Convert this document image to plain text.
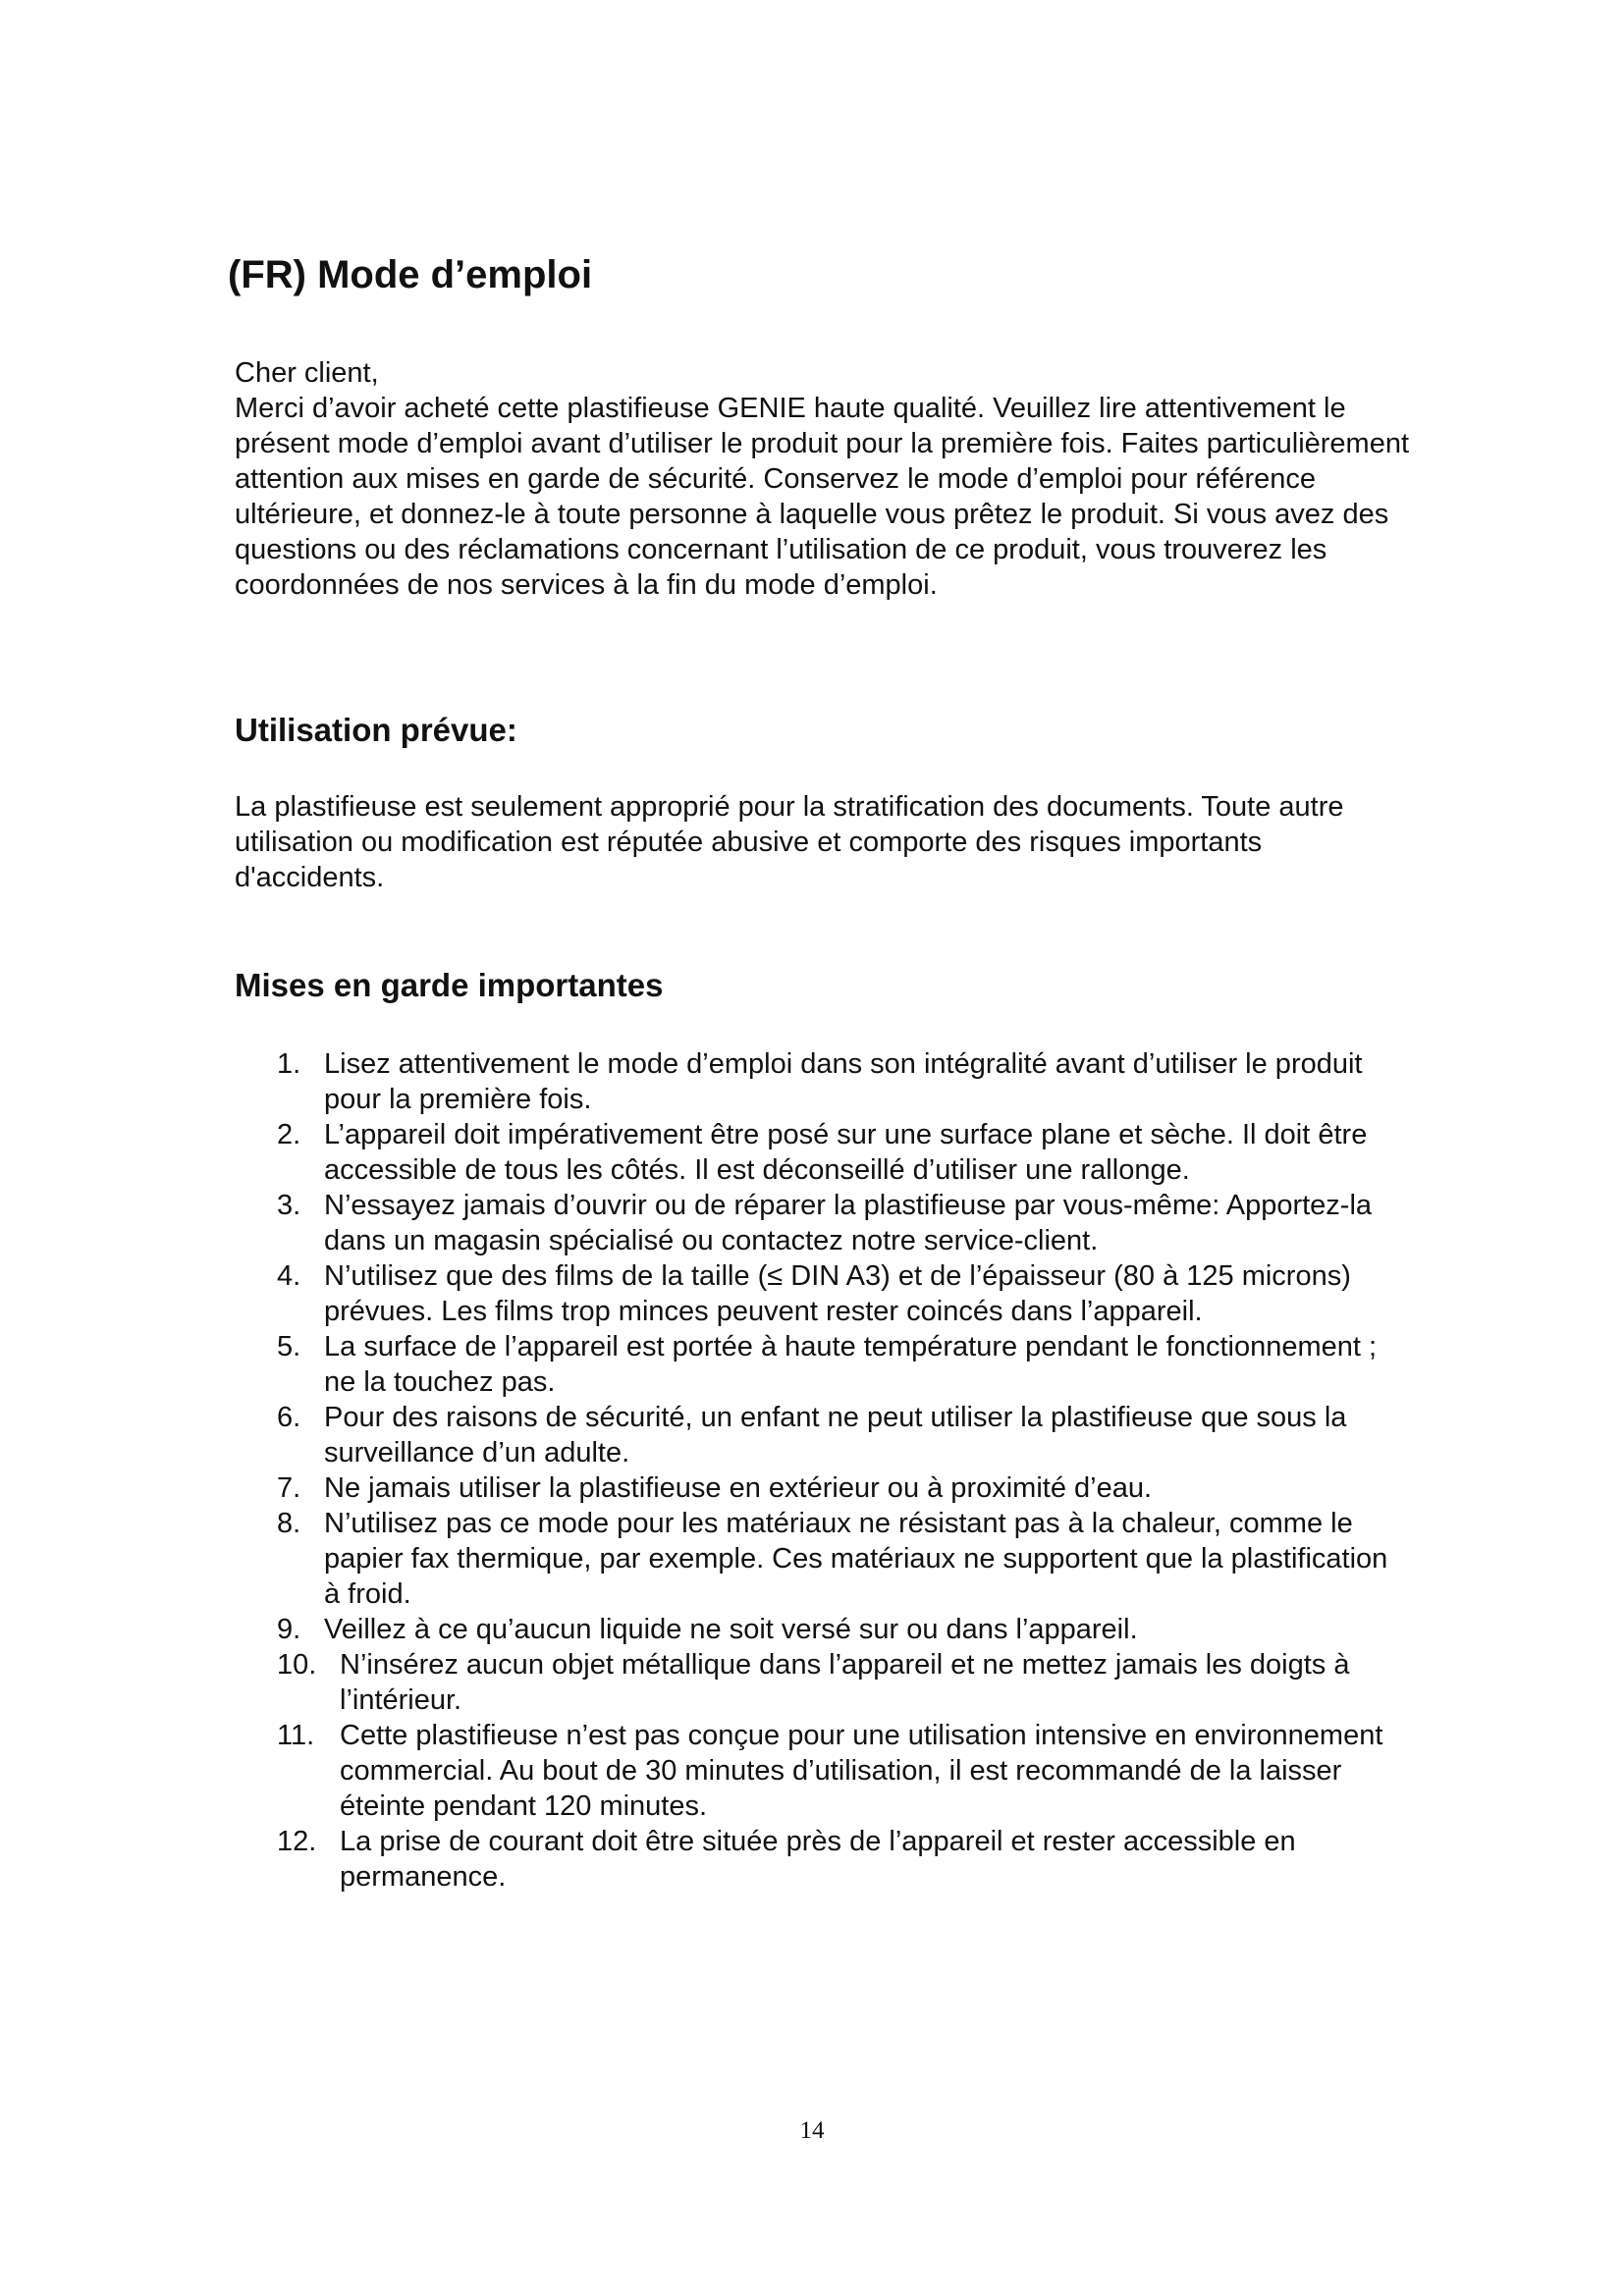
(FR) Mode d’emploi

Cher client,

Merci d’avoir acheté cette plastifieuse GENIE haute qualité. Veuillez lire attentivement le présent mode d’emploi avant d’utiliser le produit pour la première fois. Faites particulièrement attention aux mises en garde de sécurité. Conservez le mode d’emploi pour référence ultérieure, et donnez-le à toute personne à laquelle vous prêtez le produit. Si vous avez des questions ou des réclamations concernant l’utilisation de ce produit, vous trouverez les coordonnées de nos services à la fin du mode d’emploi.

Utilisation prévue:

La plastifieuse est seulement approprié pour la stratification des documents. Toute autre utilisation ou modification est réputée abusive et comporte des risques importants d'accidents.

Mises en garde importantes
1. Lisez attentivement le mode d’emploi dans son intégralité avant d’utiliser le produit pour la première fois.
2. L’appareil doit impérativement être posé sur une surface plane et sèche. Il doit être accessible de tous les côtés. Il est déconseillé d’utiliser une rallonge.
3. N’essayez jamais d’ouvrir ou de réparer la plastifieuse par vous-même: Apportez-la dans un magasin spécialisé ou contactez notre service-client.
4. N’utilisez que des films de la taille (≤ DIN A3) et de l’épaisseur (80 à 125 microns) prévues. Les films trop minces peuvent rester coincés dans l’appareil.
5. La surface de l’appareil est portée à haute température pendant le fonctionnement ; ne la touchez pas.
6. Pour des raisons de sécurité, un enfant ne peut utiliser la plastifieuse que sous la surveillance d’un adulte.
7. Ne jamais utiliser la plastifieuse en extérieur ou à proximité d’eau.
8. N’utilisez pas ce mode pour les matériaux ne résistant pas à la chaleur, comme le papier fax thermique, par exemple. Ces matériaux ne supportent que la plastification à froid.
9. Veillez à ce qu’aucun liquide ne soit versé sur ou dans l’appareil.
10. N’insérez aucun objet métallique dans l’appareil et ne mettez jamais les doigts à l’intérieur.
11. Cette plastifieuse n’est pas conçue pour une utilisation intensive en environnement commercial. Au bout de 30 minutes d’utilisation, il est recommandé de la laisser éteinte pendant 120 minutes.
12. La prise de courant doit être située près de l’appareil et rester accessible en permanence.
14
